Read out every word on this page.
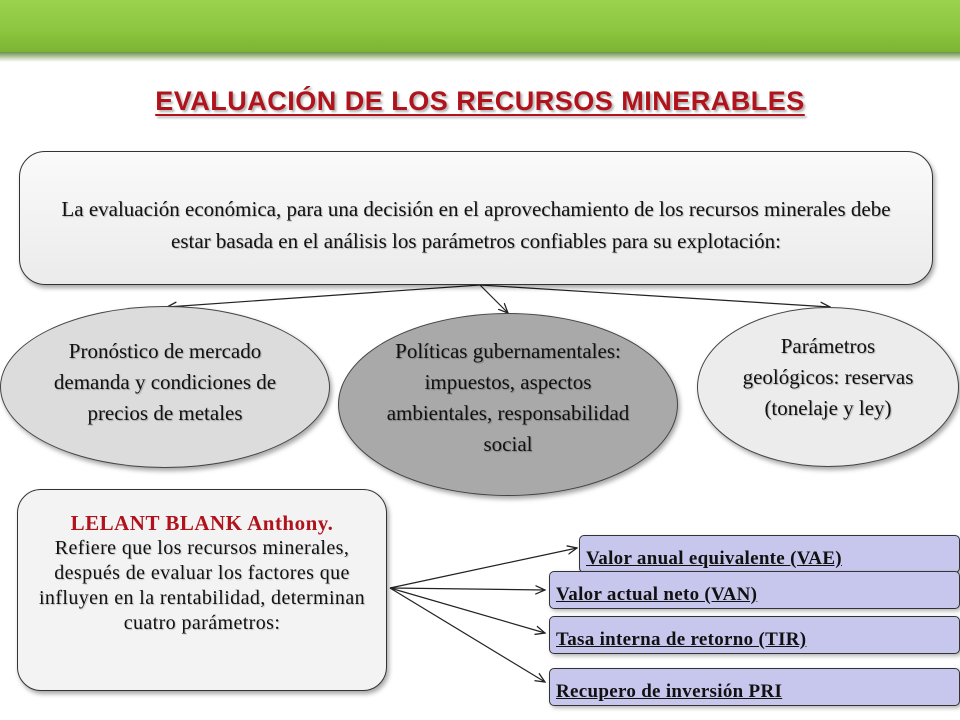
EVALUACIÓN DE LOS RECURSOS MINERABLES
La evaluación económica, para una decisión en el aprovechamiento de los recursos minerales debe estar basada en el análisis los parámetros confiables para su explotación:
Pronóstico de mercado demanda y condiciones de precios de metales
Políticas gubernamentales: impuestos, aspectos ambientales, responsabilidad social
Parámetros geológicos: reservas (tonelaje y ley)
LELANT BLANK Anthony.
Refiere que los recursos minerales, después de evaluar los factores que influyen en la rentabilidad, determinan cuatro parámetros:
Valor anual equivalente (VAE)
Valor actual neto (VAN)
Tasa interna de retorno (TIR)
Recupero de inversión PRI
